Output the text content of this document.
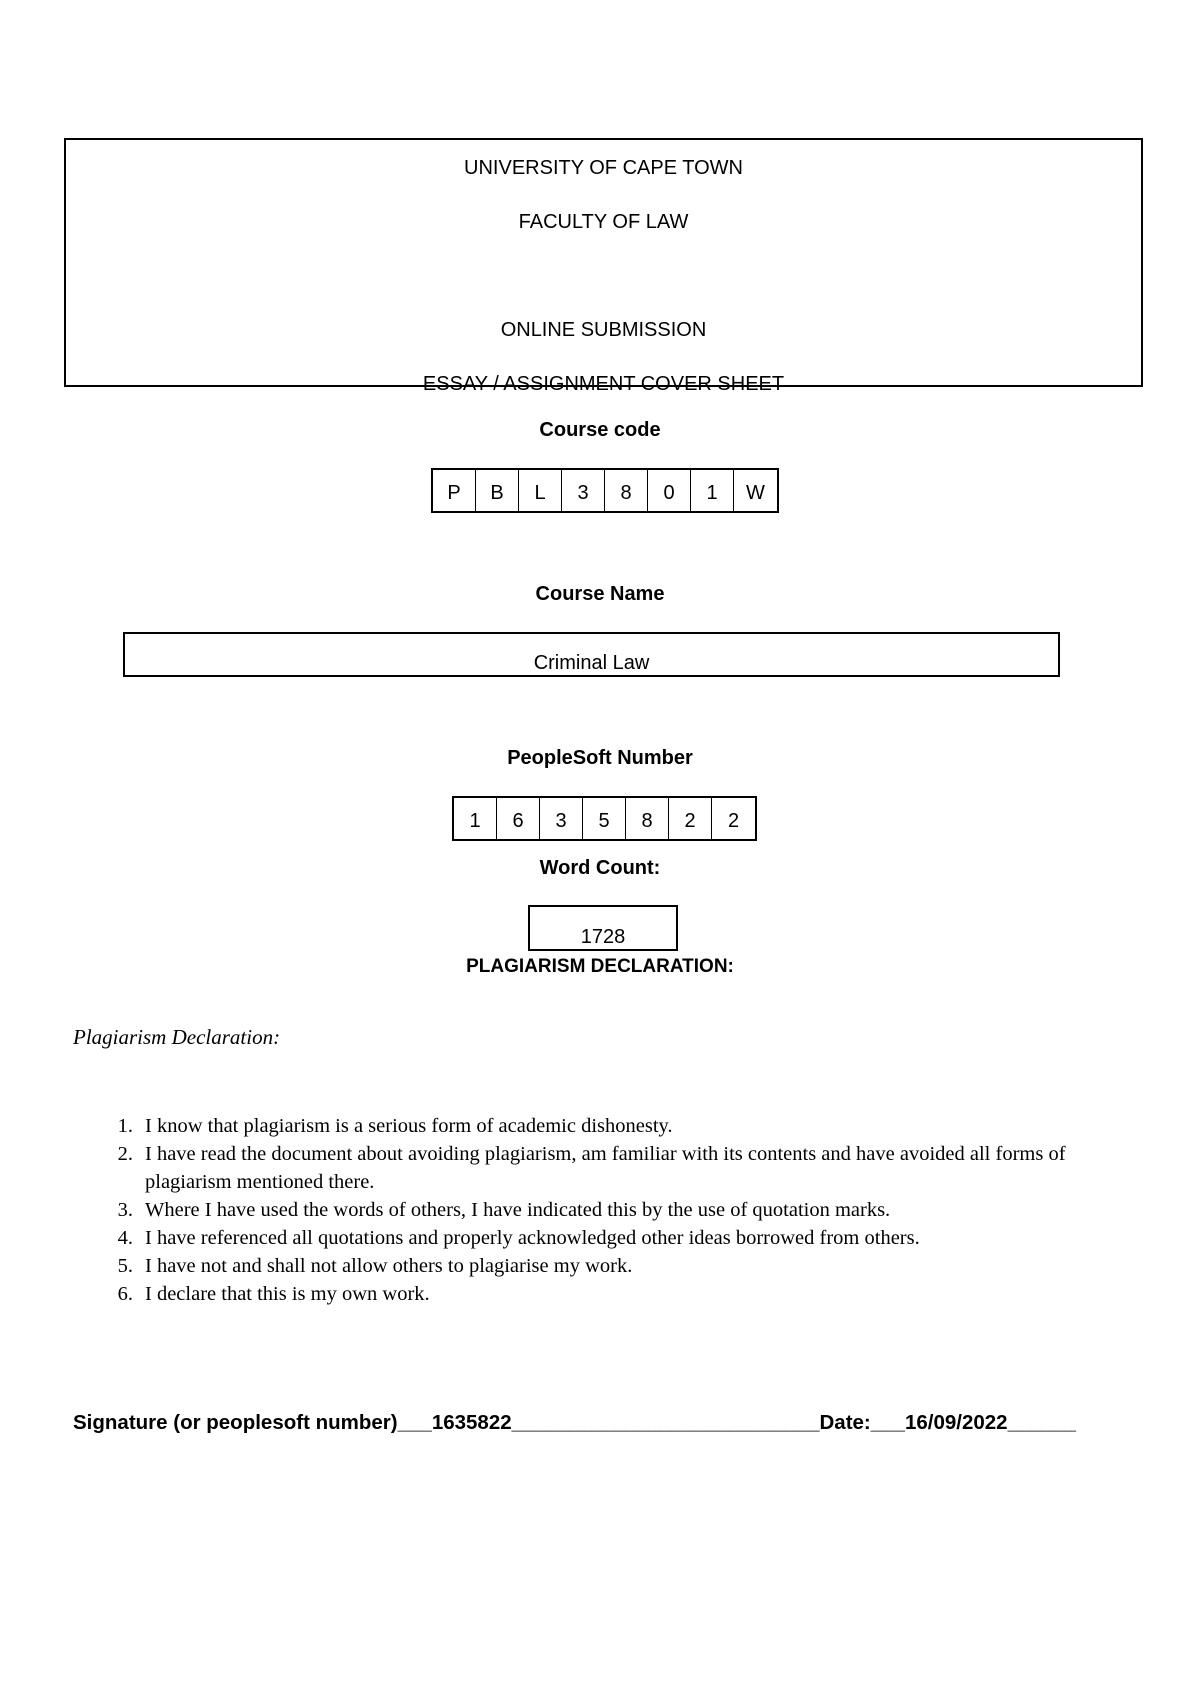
UNIVERSITY OF CAPE TOWN
FACULTY OF LAW
ONLINE SUBMISSION
ESSAY / ASSIGNMENT COVER SHEET
Course code
P	B	L	3	8	0	1	W
Course Name
Criminal Law
PeopleSoft Number
1	6	3	5	8	2	2
Word Count:
1728
PLAGIARISM DECLARATION:
Plagiarism Declaration:
1. I know that plagiarism is a serious form of academic dishonesty.
2. I have read the document about avoiding plagiarism, am familiar with its contents and have avoided all forms of plagiarism mentioned there.
3. Where I have used the words of others, I have indicated this by the use of quotation marks.
4. I have referenced all quotations and properly acknowledged other ideas borrowed from others.
5. I have not and shall not allow others to plagiarise my work.
6. I declare that this is my own work.
Signature (or peoplesoft number)___1635822___________________________Date:___16/09/2022______
